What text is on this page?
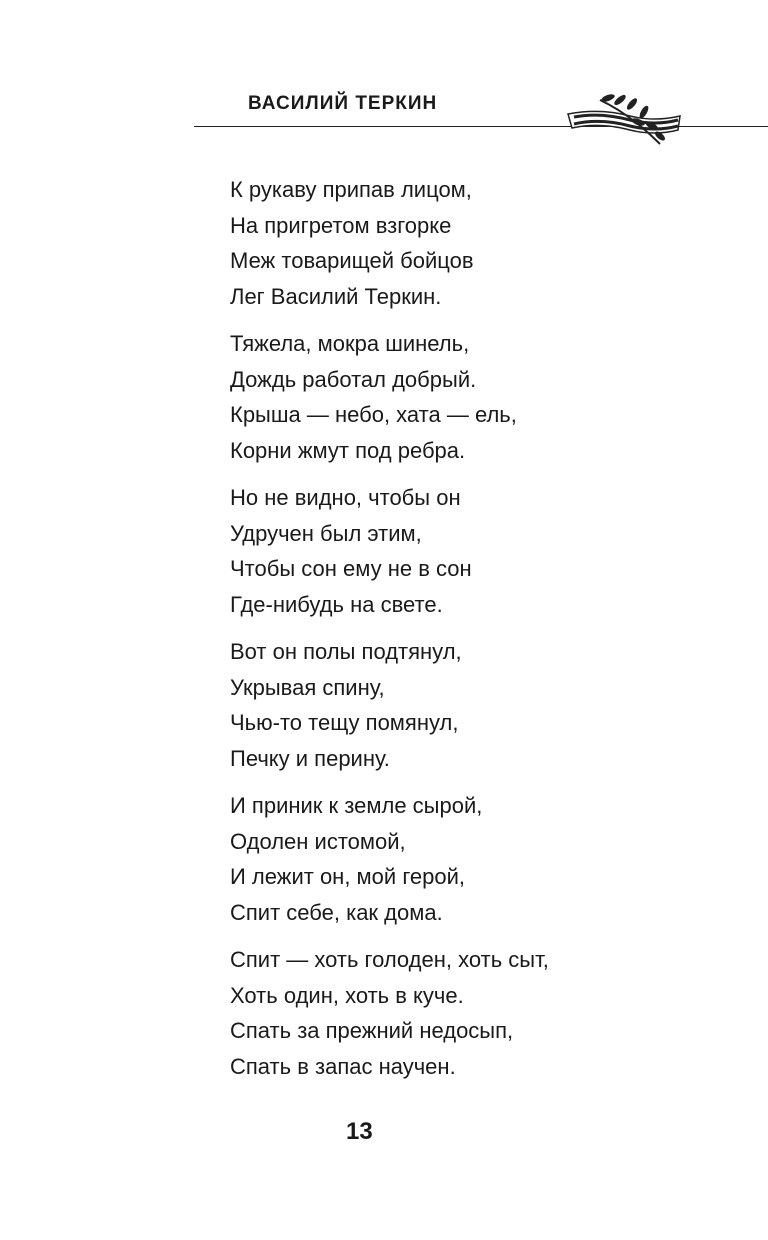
ВАСИЛИЙ ТЕРКИН
К рукаву припав лицом,
На пригретом взгорке
Меж товарищей бойцов
Лег Василий Теркин.
Тяжела, мокра шинель,
Дождь работал добрый.
Крыша — небо, хата — ель,
Корни жмут под ребра.
Но не видно, чтобы он
Удручен был этим,
Чтобы сон ему не в сон
Где-нибудь на свете.
Вот он полы подтянул,
Укрывая спину,
Чью-то тещу помянул,
Печку и перину.
И приник к земле сырой,
Одолен истомой,
И лежит он, мой герой,
Спит себе, как дома.
Спит — хоть голоден, хоть сыт,
Хоть один, хоть в куче.
Спать за прежний недосып,
Спать в запас научен.
13
